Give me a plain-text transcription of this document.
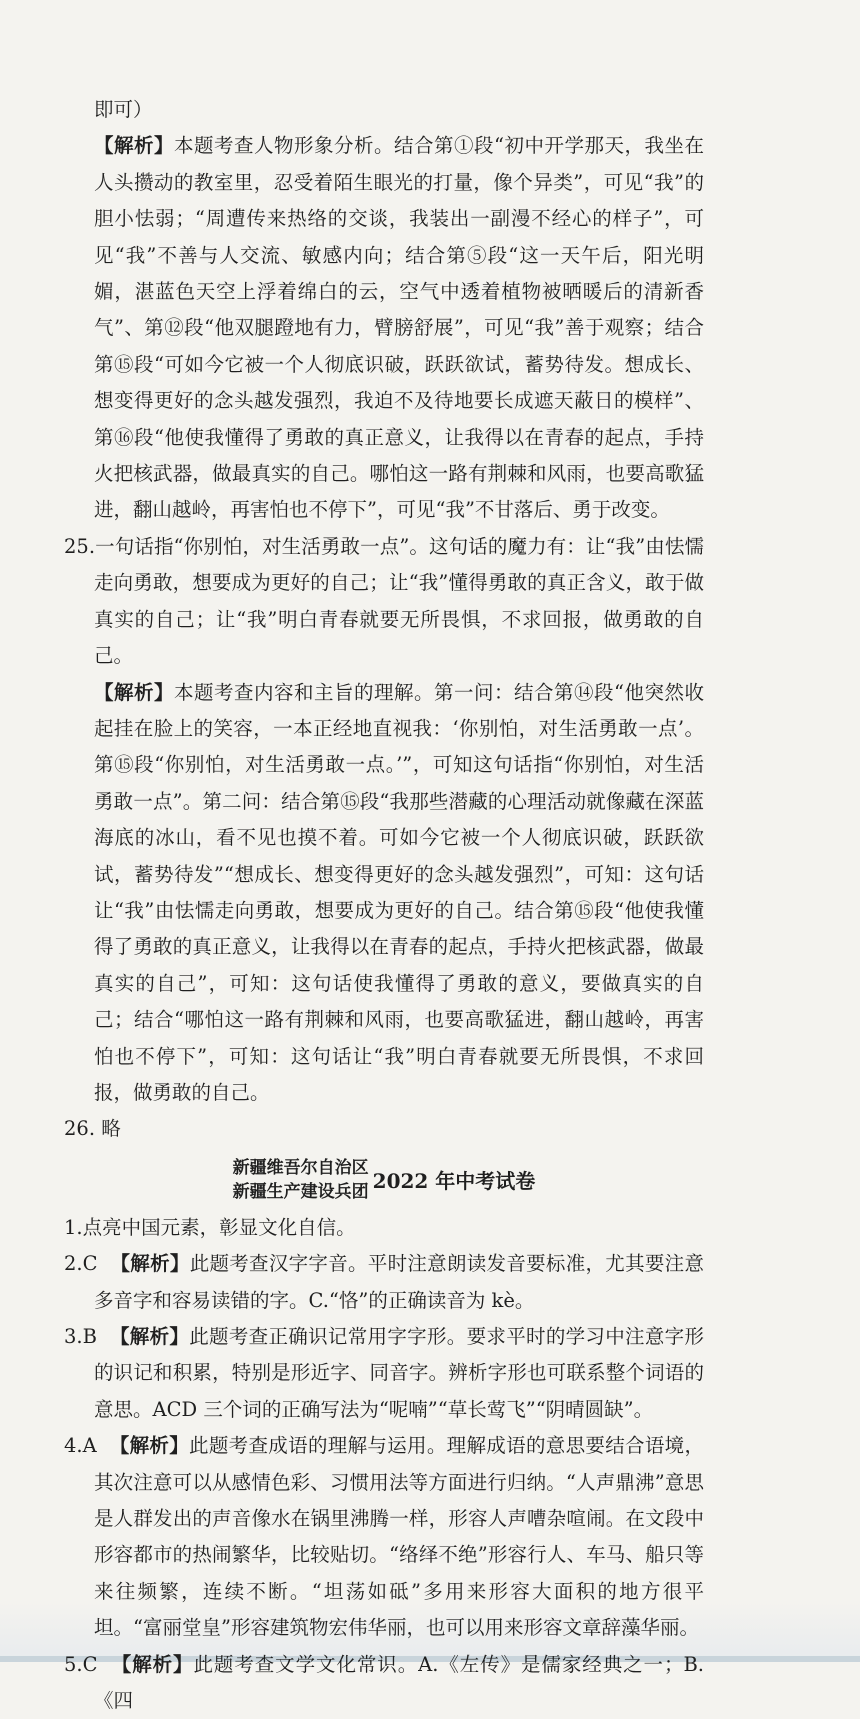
即可）

【解析】本题考查人物形象分析。结合第①段“初中开学那天，我坐在人头攒动的教室里，忍受着陌生眼光的打量，像个异类”，可见“我”的胆小怯弱；“周遭传来热络的交谈，我装出一副漫不经心的样子”，可见“我”不善与人交流、敏感内向；结合第⑤段“这一天午后，阳光明媚，湛蓝色天空上浮着绵白的云，空气中透着植物被晒暖后的清新香气”、第⑫段“他双腿蹬地有力，臂膀舒展”，可见“我”善于观察；结合第⑮段“可如今它被一个人彻底识破，跃跃欲试，蓄势待发。想成长、想变得更好的念头越发强烈，我迫不及待地要长成遮天蔽日的模样”、第⑯段“他使我懂得了勇敢的真正意义，让我得以在青春的起点，手持火把核武器，做最真实的自己。哪怕这一路有荆棘和风雨，也要高歌猛进，翻山越岭，再害怕也不停下”，可见“我”不甘落后、勇于改变。

25.一句话指“你别怕，对生活勇敢一点”。这句话的魔力有：让“我”由怯懦走向勇敢，想要成为更好的自己；让“我”懂得勇敢的真正含义，敢于做真实的自己；让“我”明白青春就要无所畏惧，不求回报，做勇敢的自己。

【解析】本题考查内容和主旨的理解。第一问：结合第⑭段“他突然收起挂在脸上的笑容，一本正经地直视我：‘你别怕，对生活勇敢一点’。第⑮段“你别怕，对生活勇敢一点。’”，可知这句话指“你别怕，对生活勇敢一点”。第二问：结合第⑮段“我那些潜藏的心理活动就像藏在深蓝海底的冰山，看不见也摸不着。可如今它被一个人彻底识破，跃跃欲试，蓄势待发”“想成长、想变得更好的念头越发强烈”，可知：这句话让“我”由怯懦走向勇敢，想要成为更好的自己。结合第⑮段“他使我懂得了勇敢的真正意义，让我得以在青春的起点，手持火把核武器，做最真实的自己”，可知：这句话使我懂得了勇敢的意义，要做真实的自己；结合“哪怕这一路有荆棘和风雨，也要高歌猛进，翻山越岭，再害怕也不停下”，可知：这句话让“我”明白青春就要无所畏惧，不求回报，做勇敢的自己。

26. 略

新疆维吾尔自治区
新疆生产建设兵团 2022 年中考试卷

1.点亮中国元素，彰显文化自信。

2.C 【解析】此题考查汉字字音。平时注意朗读发音要标准，尤其要注意多音字和容易读错的字。C.“恪”的正确读音为 kè。

3.B 【解析】此题考查正确识记常用字字形。要求平时的学习中注意字形的识记和积累，特别是形近字、同音字。辨析字形也可联系整个词语的意思。ACD 三个词的正确写法为“呢喃”“草长莺飞”“阴晴圆缺”。

4.A 【解析】此题考查成语的理解与运用。理解成语的意思要结合语境，其次注意可以从感情色彩、习惯用法等方面进行归纳。“人声鼎沸”意思是人群发出的声音像水在锅里沸腾一样，形容人声嘈杂喧闹。在文段中形容都市的热闹繁华，比较贴切。“络绎不绝”形容行人、车马、船只等来往频繁，连续不断。“坦荡如砥”多用来形容大面积的地方很平坦。“富丽堂皇”形容建筑物宏伟华丽，也可以用来形容文章辞藻华丽。

5.C 【解析】此题考查文学文化常识。A.《左传》是儒家经典之一；B.《四
